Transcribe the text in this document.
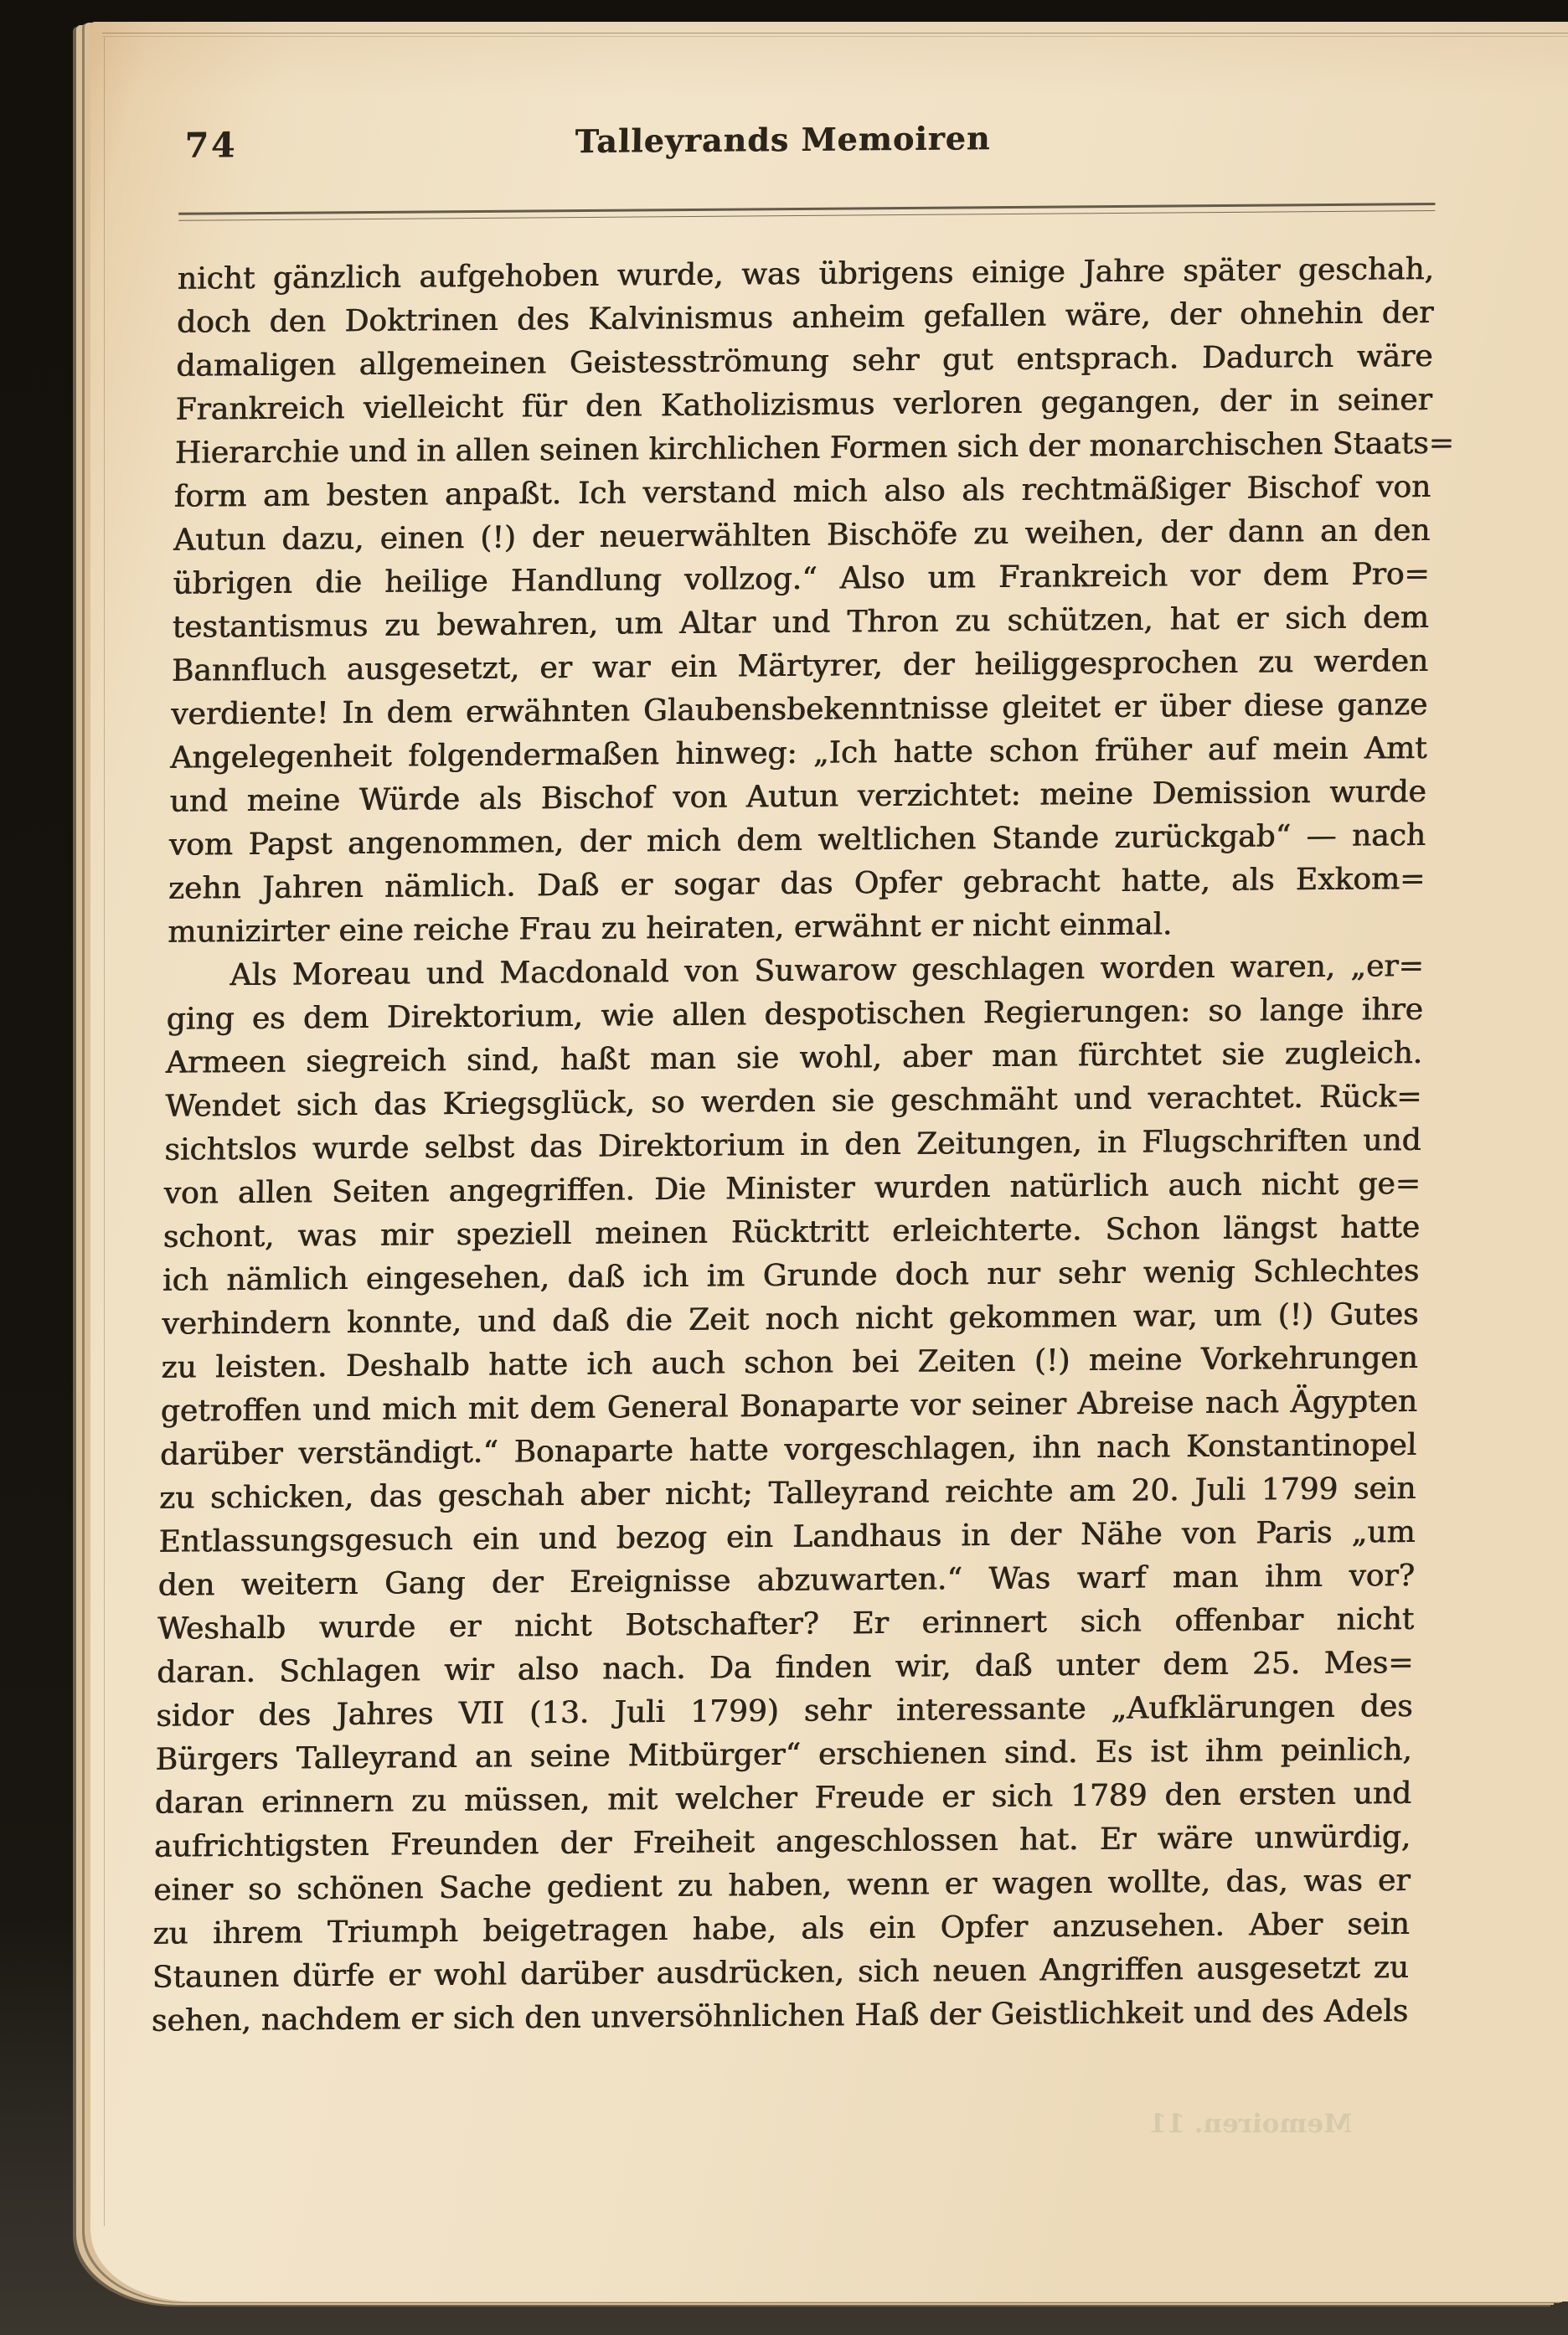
74	Talleyrands Memoiren
nicht gänzlich aufgehoben wurde, was übrigens einige Jahre später geschah,
doch den Doktrinen des Kalvinismus anheim gefallen wäre, der ohnehin der
damaligen allgemeinen Geistesströmung sehr gut entsprach. Dadurch wäre
Frankreich vielleicht für den Katholizismus verloren gegangen, der in seiner
Hierarchie und in allen seinen kirchlichen Formen sich der monarchischen Staats=
form am besten anpaßt. Ich verstand mich also als rechtmäßiger Bischof von
Autun dazu, einen (!) der neuerwählten Bischöfe zu weihen, der dann an den
übrigen die heilige Handlung vollzog.“ Also um Frankreich vor dem Pro=
testantismus zu bewahren, um Altar und Thron zu schützen, hat er sich dem
Bannfluch ausgesetzt, er war ein Märtyrer, der heiliggesprochen zu werden
verdiente! In dem erwähnten Glaubensbekenntnisse gleitet er über diese ganze
Angelegenheit folgendermaßen hinweg: „Ich hatte schon früher auf mein Amt
und meine Würde als Bischof von Autun verzichtet: meine Demission wurde
vom Papst angenommen, der mich dem weltlichen Stande zurückgab“ — nach
zehn Jahren nämlich. Daß er sogar das Opfer gebracht hatte, als Exkom=
munizirter eine reiche Frau zu heiraten, erwähnt er nicht einmal.
Als Moreau und Macdonald von Suwarow geschlagen worden waren, „er=
ging es dem Direktorium, wie allen despotischen Regierungen: so lange ihre
Armeen siegreich sind, haßt man sie wohl, aber man fürchtet sie zugleich.
Wendet sich das Kriegsglück, so werden sie geschmäht und verachtet. Rück=
sichtslos wurde selbst das Direktorium in den Zeitungen, in Flugschriften und
von allen Seiten angegriffen. Die Minister wurden natürlich auch nicht ge=
schont, was mir speziell meinen Rücktritt erleichterte. Schon längst hatte
ich nämlich eingesehen, daß ich im Grunde doch nur sehr wenig Schlechtes
verhindern konnte, und daß die Zeit noch nicht gekommen war, um (!) Gutes
zu leisten. Deshalb hatte ich auch schon bei Zeiten (!) meine Vorkehrungen
getroffen und mich mit dem General Bonaparte vor seiner Abreise nach Ägypten
darüber verständigt.“ Bonaparte hatte vorgeschlagen, ihn nach Konstantinopel
zu schicken, das geschah aber nicht; Talleyrand reichte am 20. Juli 1799 sein
Entlassungsgesuch ein und bezog ein Landhaus in der Nähe von Paris „um
den weitern Gang der Ereignisse abzuwarten.“ Was warf man ihm vor?
Weshalb wurde er nicht Botschafter? Er erinnert sich offenbar nicht
daran. Schlagen wir also nach. Da finden wir, daß unter dem 25. Mes=
sidor des Jahres VII (13. Juli 1799) sehr interessante „Aufklärungen des
Bürgers Talleyrand an seine Mitbürger“ erschienen sind. Es ist ihm peinlich,
daran erinnern zu müssen, mit welcher Freude er sich 1789 den ersten und
aufrichtigsten Freunden der Freiheit angeschlossen hat. Er wäre unwürdig,
einer so schönen Sache gedient zu haben, wenn er wagen wollte, das, was er
zu ihrem Triumph beigetragen habe, als ein Opfer anzusehen. Aber sein
Staunen dürfe er wohl darüber ausdrücken, sich neuen Angriffen ausgesetzt zu
sehen, nachdem er sich den unversöhnlichen Haß der Geistlichkeit und des Adels
Memoiren. 11
